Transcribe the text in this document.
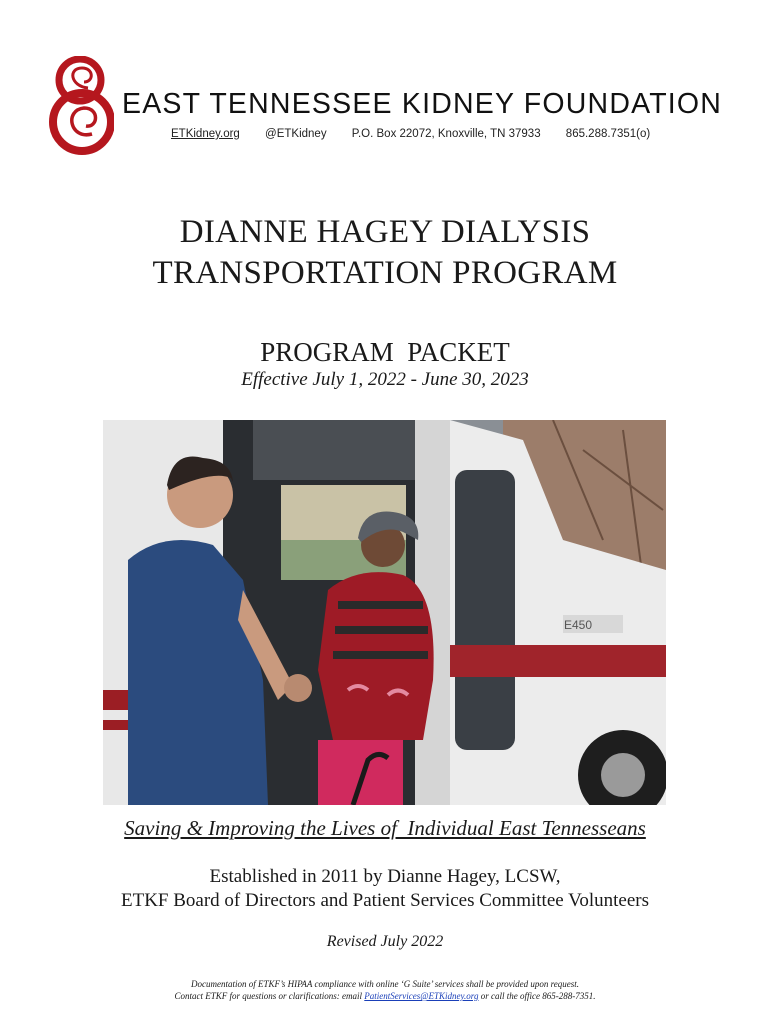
EAST TENNESSEE KIDNEY FOUNDATION
ETKidney.org @ETKidney P.O. Box 22072, Knoxville, TN 37933 865.288.7351(o)
DIANNE HAGEY DIALYSIS
TRANSPORTATION PROGRAM
PROGRAM  PACKET
Effective July 1, 2022 - June 30, 2023
E450
Saving & Improving the Lives of  Individual East Tennesseans
Established in 2011 by Dianne Hagey, LCSW,
ETKF Board of Directors and Patient Services Committee Volunteers
Revised July 2022
Documentation of ETKF’s HIPAA compliance with online ‘G Suite’ services shall be provided upon request.
Contact ETKF for questions or clarifications: email PatientServices@ETKidney.org or call the office 865-288-7351.
